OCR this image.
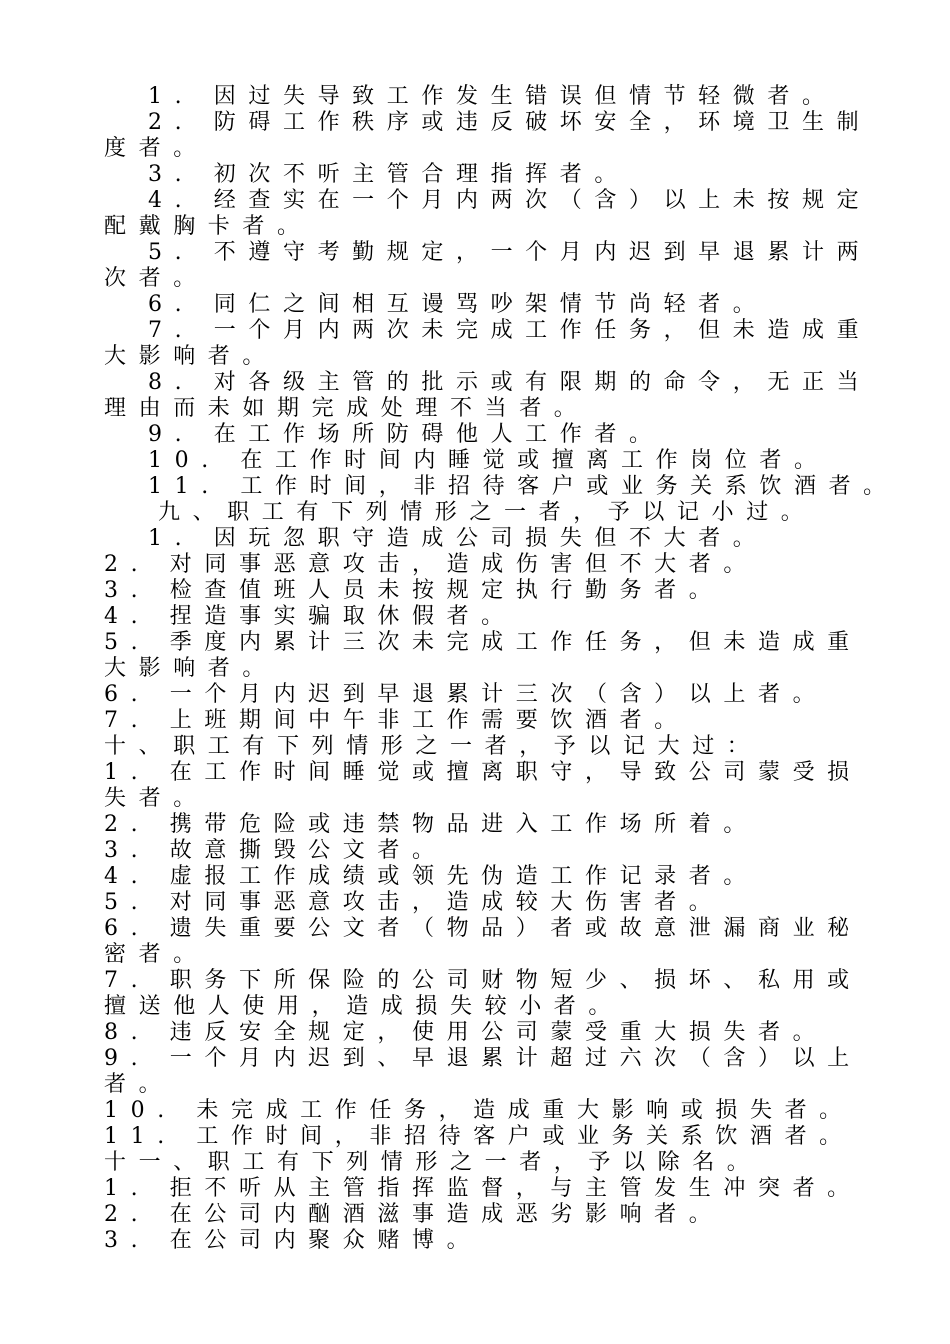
1. 因过失导致工作发生错误但情节轻微者。
2. 防碍工作秩序或违反破坏安全，环境卫生制
度者。
3. 初次不听主管合理指挥者。
4. 经查实在一个月内两次（含）以上未按规定
配戴胸卡者。
5. 不遵守考勤规定，一个月内迟到早退累计两
次者。
6. 同仁之间相互谩骂吵架情节尚轻者。
7. 一个月内两次未完成工作任务，但未造成重
大影响者。
8. 对各级主管的批示或有限期的命令，无正当
理由而未如期完成处理不当者。
9. 在工作场所防碍他人工作者。
10. 在工作时间内睡觉或擅离工作岗位者。
11. 工作时间，非招待客户或业务关系饮酒者。
九、职工有下列情形之一者，予以记小过。
1. 因玩忽职守造成公司损失但不大者。
2. 对同事恶意攻击，造成伤害但不大者。
3. 检查值班人员未按规定执行勤务者。
4. 捏造事实骗取休假者。
5. 季度内累计三次未完成工作任务，但未造成重
大影响者。
6. 一个月内迟到早退累计三次（含）以上者。
7. 上班期间中午非工作需要饮酒者。
十、职工有下列情形之一者，予以记大过：
1. 在工作时间睡觉或擅离职守，导致公司蒙受损
失者。
2. 携带危险或违禁物品进入工作场所着。
3. 故意撕毁公文者。
4. 虚报工作成绩或领先伪造工作记录者。
5. 对同事恶意攻击，造成较大伤害者。
6. 遗失重要公文者（物品）者或故意泄漏商业秘
密者。
7. 职务下所保险的公司财物短少、损坏、私用或
擅送他人使用，造成损失较小者。
8. 违反安全规定，使用公司蒙受重大损失者。
9. 一个月内迟到、早退累计超过六次（含）以上
者。
10. 未完成工作任务，造成重大影响或损失者。
11. 工作时间，非招待客户或业务关系饮酒者。
十一、职工有下列情形之一者，予以除名。
1. 拒不听从主管指挥监督，与主管发生冲突者。
2. 在公司内酗酒滋事造成恶劣影响者。
3. 在公司内聚众赌博。
